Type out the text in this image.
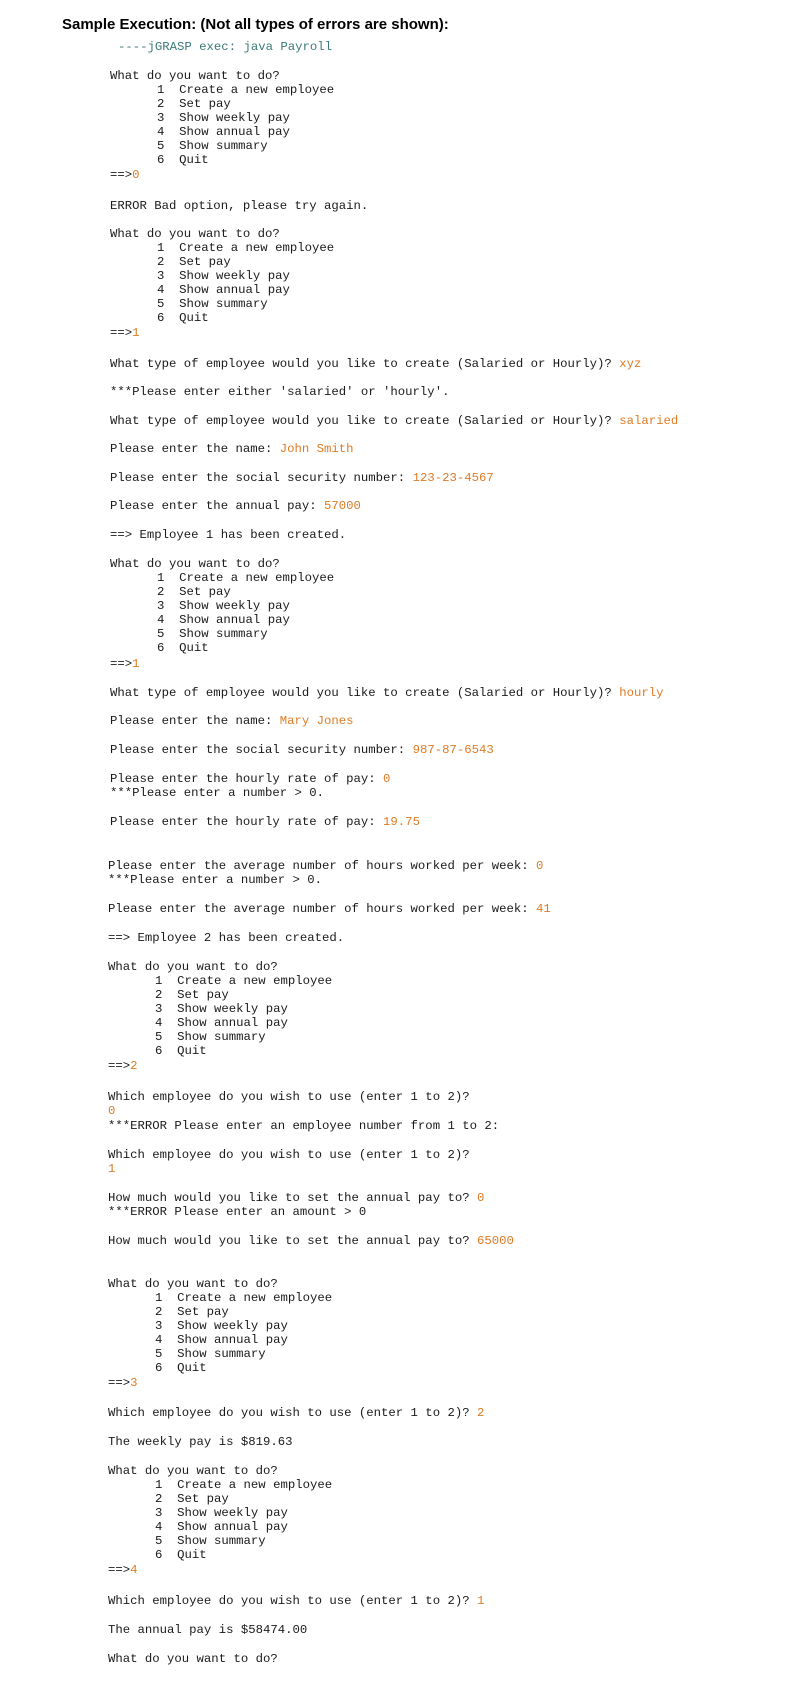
Sample Execution: (Not all types of errors are shown):
----jGRASP exec: java Payroll
What do you want to do?
1  Create a new employee
2  Set pay
3  Show weekly pay
4  Show annual pay
5  Show summary
6  Quit
==>0
ERROR Bad option, please try again.
What do you want to do?
1  Create a new employee
2  Set pay
3  Show weekly pay
4  Show annual pay
5  Show summary
6  Quit
==>1
What type of employee would you like to create (Salaried or Hourly)? xyz
***Please enter either 'salaried' or 'hourly'.
What type of employee would you like to create (Salaried or Hourly)? salaried
Please enter the name: John Smith
Please enter the social security number: 123-23-4567
Please enter the annual pay: 57000
==> Employee 1 has been created.
What do you want to do?
1  Create a new employee
2  Set pay
3  Show weekly pay
4  Show annual pay
5  Show summary
6  Quit
==>1
What type of employee would you like to create (Salaried or Hourly)? hourly
Please enter the name: Mary Jones
Please enter the social security number: 987-87-6543
Please enter the hourly rate of pay: 0
***Please enter a number > 0.
Please enter the hourly rate of pay: 19.75
Please enter the average number of hours worked per week: 0
***Please enter a number > 0.
Please enter the average number of hours worked per week: 41
==> Employee 2 has been created.
What do you want to do?
1  Create a new employee
2  Set pay
3  Show weekly pay
4  Show annual pay
5  Show summary
6  Quit
==>2
Which employee do you wish to use (enter 1 to 2)?
0
***ERROR Please enter an employee number from 1 to 2:
Which employee do you wish to use (enter 1 to 2)?
1
How much would you like to set the annual pay to? 0
***ERROR Please enter an amount > 0
How much would you like to set the annual pay to? 65000
What do you want to do?
1  Create a new employee
2  Set pay
3  Show weekly pay
4  Show annual pay
5  Show summary
6  Quit
==>3
Which employee do you wish to use (enter 1 to 2)? 2
The weekly pay is $819.63
What do you want to do?
1  Create a new employee
2  Set pay
3  Show weekly pay
4  Show annual pay
5  Show summary
6  Quit
==>4
Which employee do you wish to use (enter 1 to 2)? 1
The annual pay is $58474.00
What do you want to do?
